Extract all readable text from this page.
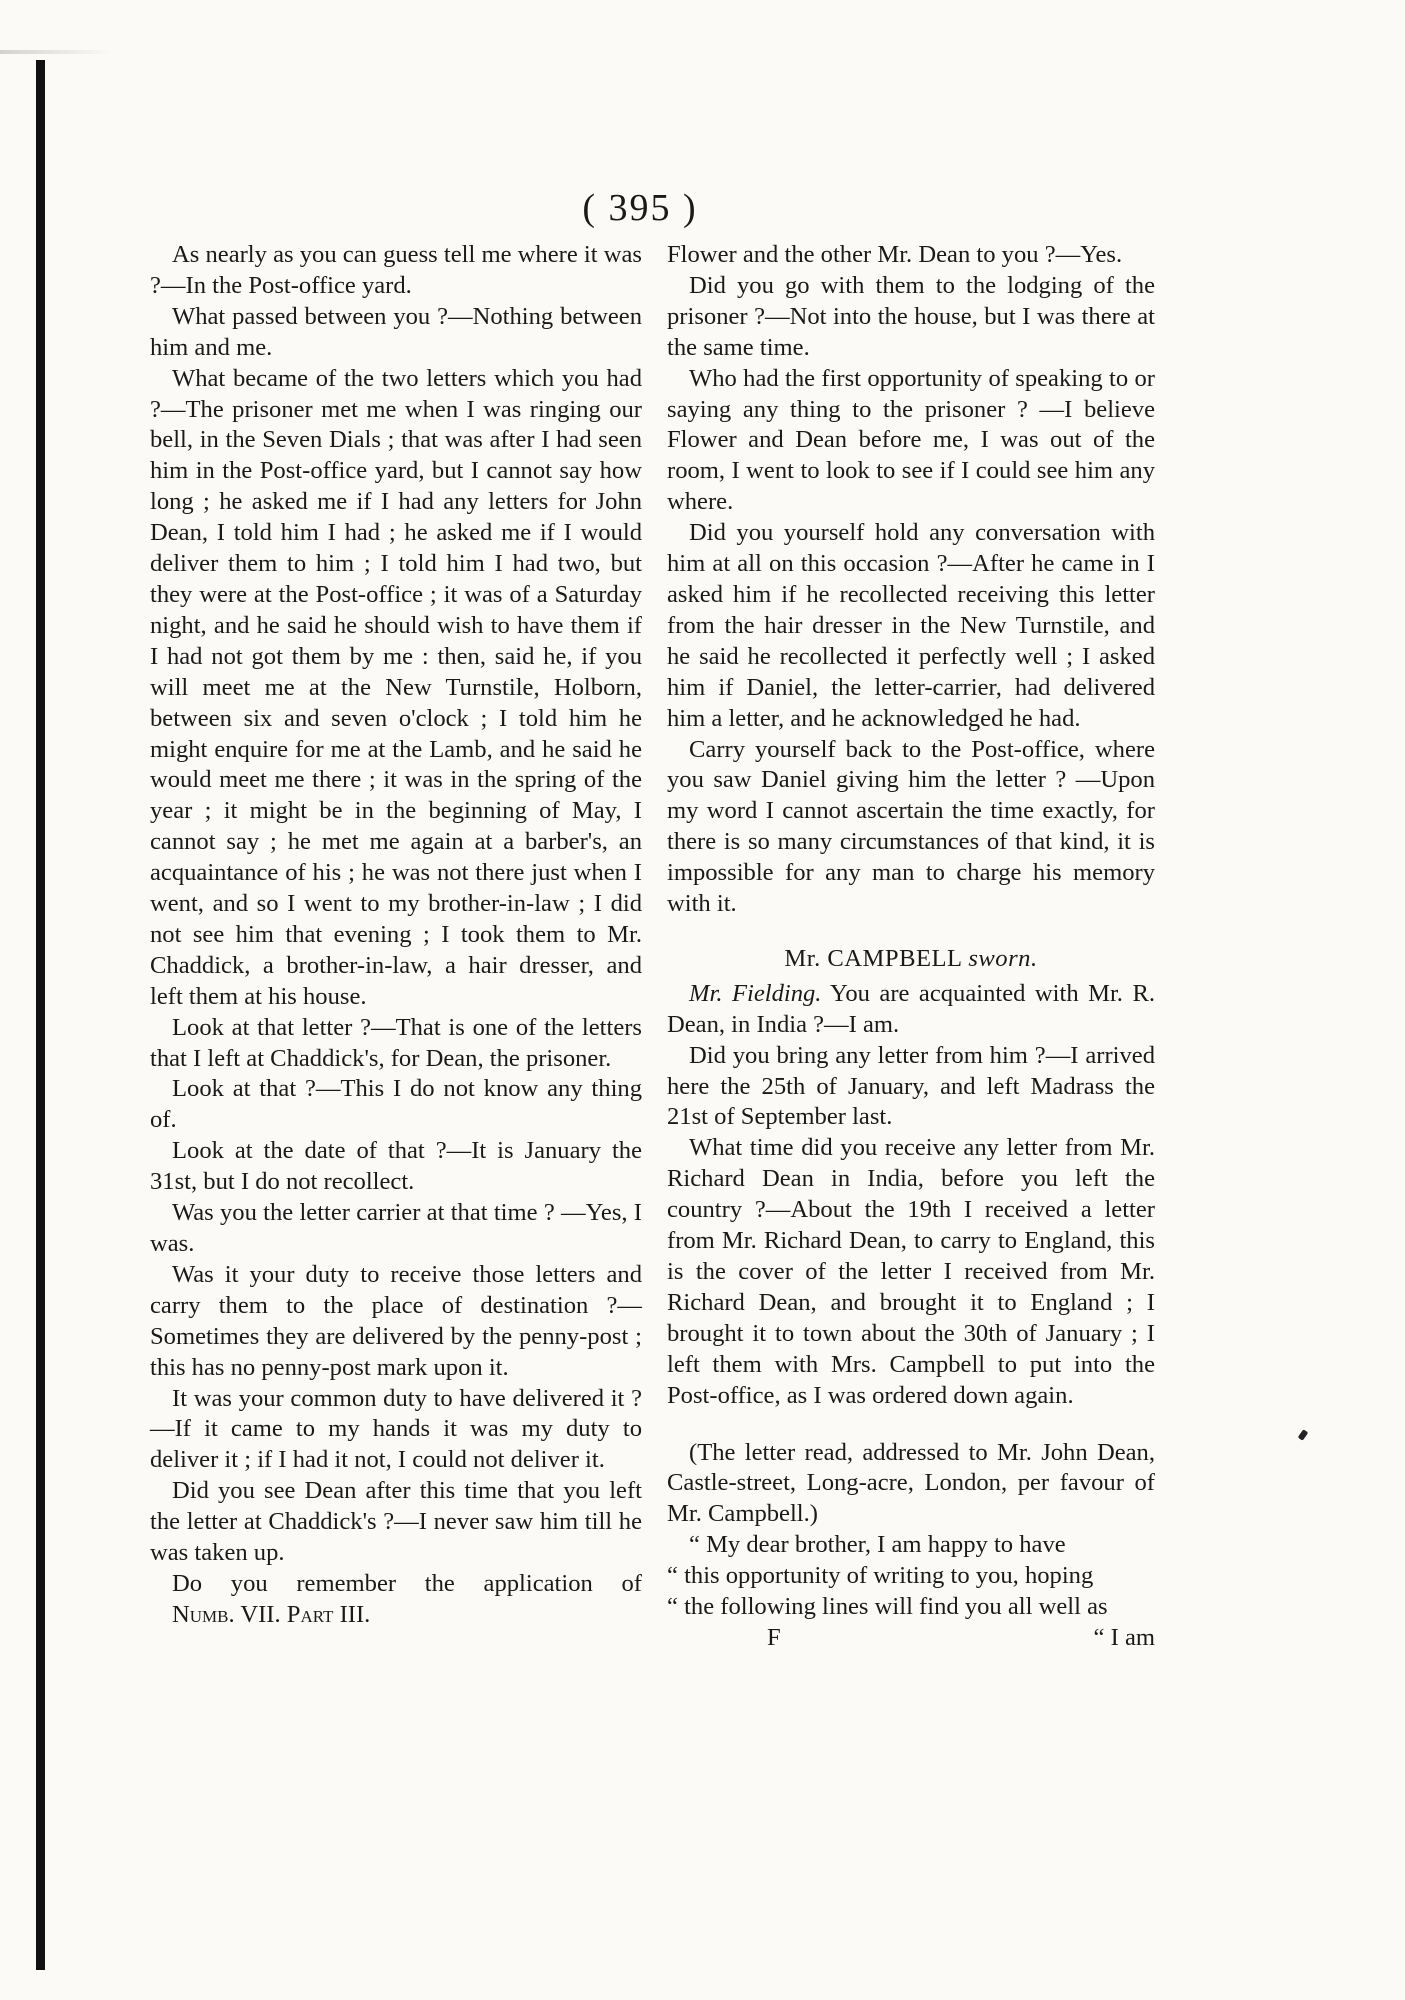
( 395 )

As nearly as you can guess tell me where it was ?—In the Post-office yard.

What passed between you ?—Nothing between him and me.

What became of the two letters which you had ?—The prisoner met me when I was ringing our bell, in the Seven Dials ; that was after I had seen him in the Post-office yard, but I cannot say how long ; he asked me if I had any letters for John Dean, I told him I had ; he asked me if I would deliver them to him ; I told him I had two, but they were at the Post-office ; it was of a Saturday night, and he said he should wish to have them if I had not got them by me : then, said he, if you will meet me at the New Turnstile, Holborn, between six and seven o'clock ; I told him he might enquire for me at the Lamb, and he said he would meet me there ; it was in the spring of the year ; it might be in the beginning of May, I cannot say ; he met me again at a barber's, an acquaintance of his ; he was not there just when I went, and so I went to my brother-in-law ; I did not see him that evening ; I took them to Mr. Chaddick, a brother-in-law, a hair dresser, and left them at his house.

Look at that letter ?—That is one of the letters that I left at Chaddick's, for Dean, the prisoner.

Look at that ?—This I do not know any thing of.

Look at the date of that ?—It is January the 31st, but I do not recollect.

Was you the letter carrier at that time ? —Yes, I was.

Was it your duty to receive those letters and carry them to the place of destination ?—Sometimes they are delivered by the penny-post ; this has no penny-post mark upon it.

It was your common duty to have delivered it ?—If it came to my hands it was my duty to deliver it ; if I had it not, I could not deliver it.

Did you see Dean after this time that you left the letter at Chaddick's ?—I never saw him till he was taken up.

Do you remember the application of

Numb. VII. Part III.

Flower and the other Mr. Dean to you ?—Yes.

Did you go with them to the lodging of the prisoner ?—Not into the house, but I was there at the same time.

Who had the first opportunity of speaking to or saying any thing to the prisoner ? —I believe Flower and Dean before me, I was out of the room, I went to look to see if I could see him any where.

Did you yourself hold any conversation with him at all on this occasion ?—After he came in I asked him if he recollected receiving this letter from the hair dresser in the New Turnstile, and he said he recollected it perfectly well ; I asked him if Daniel, the letter-carrier, had delivered him a letter, and he acknowledged he had.

Carry yourself back to the Post-office, where you saw Daniel giving him the letter ? —Upon my word I cannot ascertain the time exactly, for there is so many circumstances of that kind, it is impossible for any man to charge his memory with it.

Mr. CAMPBELL sworn.

Mr. Fielding. You are acquainted with Mr. R. Dean, in India ?—I am.

Did you bring any letter from him ?—I arrived here the 25th of January, and left Madrass the 21st of September last.

What time did you receive any letter from Mr. Richard Dean in India, before you left the country ?—About the 19th I received a letter from Mr. Richard Dean, to carry to England, this is the cover of the letter I received from Mr. Richard Dean, and brought it to England ; I brought it to town about the 30th of January ; I left them with Mrs. Campbell to put into the Post-office, as I was ordered down again.

(The letter read, addressed to Mr. John Dean, Castle-street, Long-acre, London, per favour of Mr. Campbell.)

“ My dear brother, I am happy to have

“ this opportunity of writing to you, hoping

“ the following lines will find you all well as

F	“ I am
